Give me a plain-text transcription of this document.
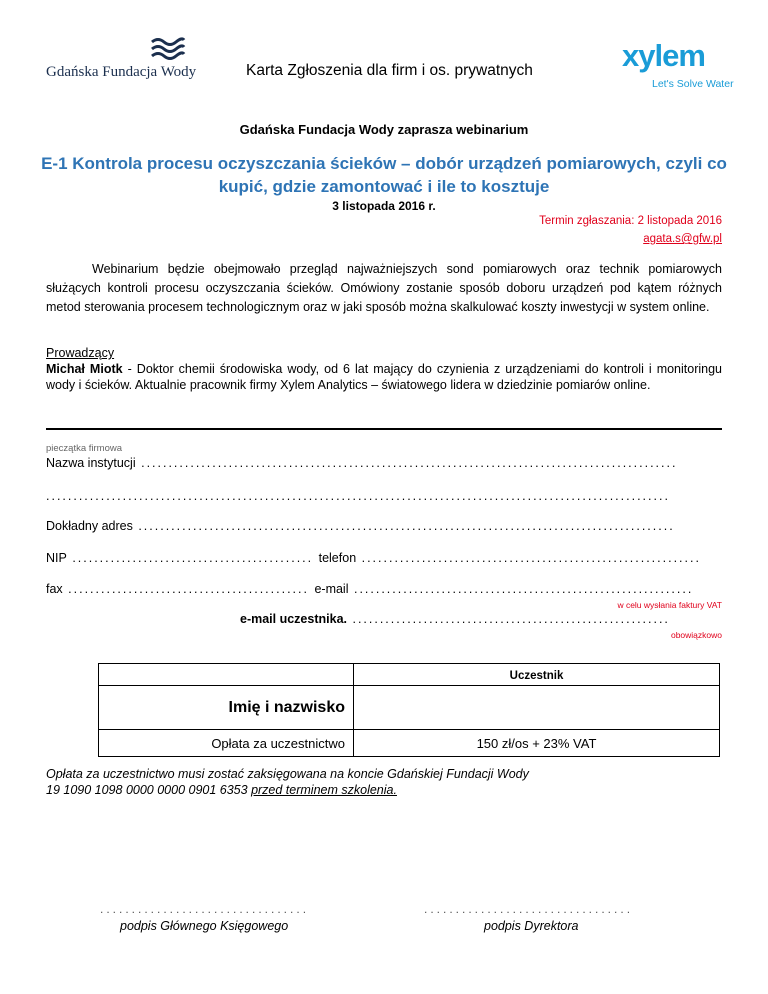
Gdańska Fundacja Wody	Karta Zgłoszenia dla firm i os. prywatnych	xylem
Let's Solve Water
Gdańska Fundacja Wody zaprasza webinarium
E-1 Kontrola procesu oczyszczania ścieków – dobór urządzeń pomiarowych, czyli co kupić, gdzie zamontować i ile to kosztuje
3 listopada 2016 r.
Termin zgłaszania: 2 listopada 2016
agata.s@gfw.pl
Webinarium będzie obejmowało przegląd najważniejszych sond pomiarowych oraz technik pomiarowych służących kontroli procesu oczyszczania ścieków. Omówiony zostanie sposób doboru urządzeń pod kątem różnych metod sterowania procesem technologicznym oraz w jaki sposób można skalkulować koszty inwestycji w system online.
Prowadzący
Michał Miotk - Doktor chemii środowiska wody, od 6 lat mający do czynienia z urządzeniami do kontroli i monitoringu wody i ścieków. Aktualnie pracownik firmy Xylem Analytics – światowego lidera w dziedzinie pomiarów online.
pieczątka firmowa
Nazwa instytucji ..................................................................................................
..................................................................................................................
Dokładny adres ..................................................................................................
NIP ............................................ telefon ..............................................................
fax ............................................ e-mail ..............................................................
w celu wysłania faktury VAT
e-mail uczestnika. ..........................................................
obowiązkowo
	Uczestnik
Imię i nazwisko	
Opłata za uczestnictwo	150 zł/os + 23% VAT
Opłata za uczestnictwo musi zostać zaksięgowana na koncie Gdańskiej Fundacji Wody
19 1090 1098 0000 0000 0901 6353 przed terminem szkolenia.
.................................
podpis Głównego Księgowego
.................................
podpis Dyrektora
